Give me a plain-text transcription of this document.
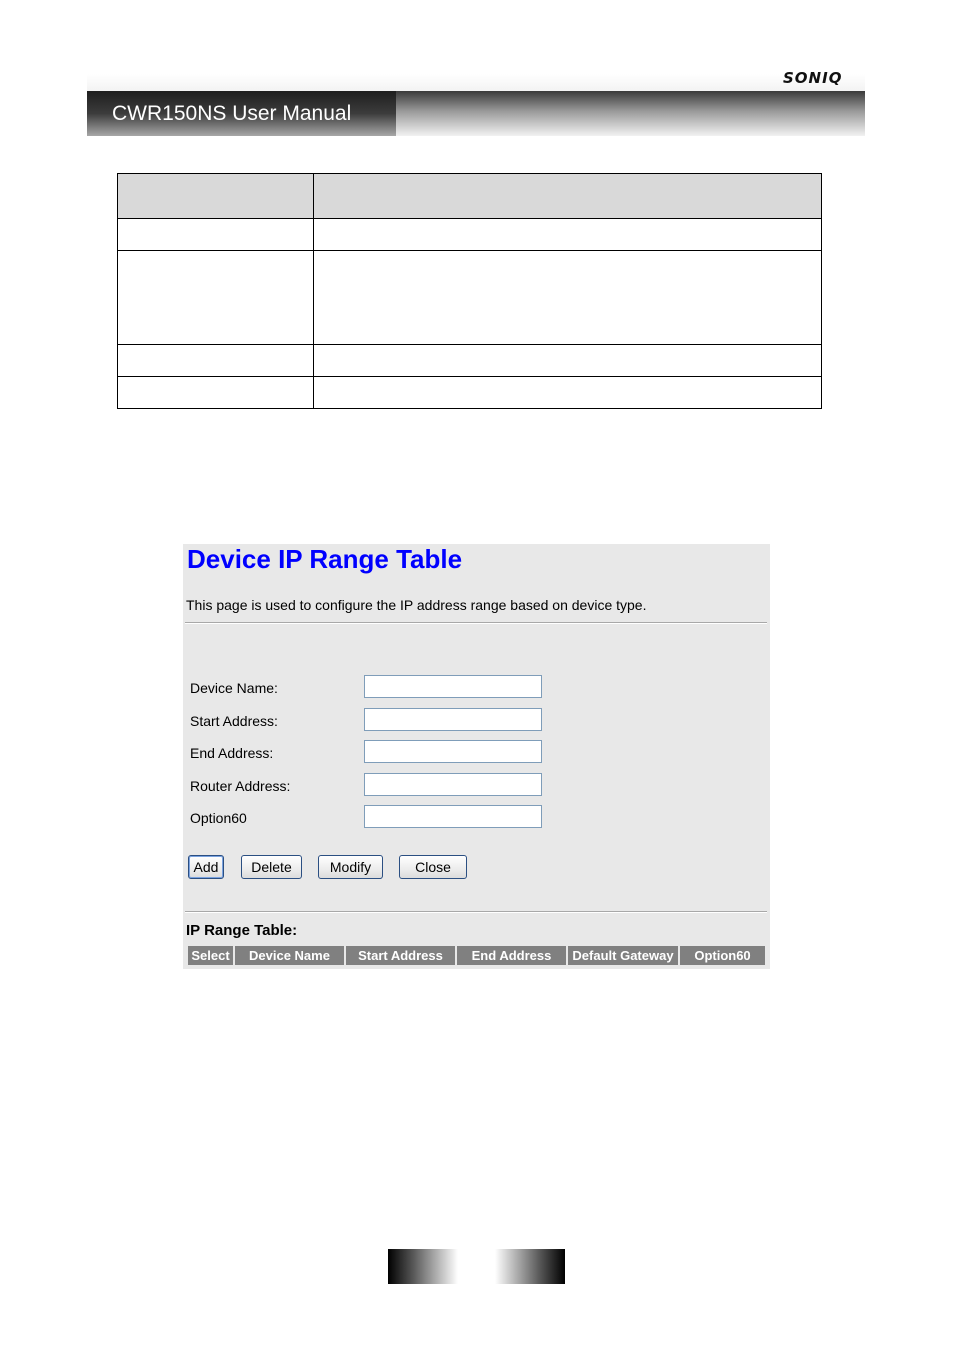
SONIQ
CWR150NS User Manual

Device IP Range Table
This page is used to configure the IP address range based on device type.
Device Name:
Start Address:
End Address:
Router Address:
Option60
Add	Delete	Modify	Close
IP Range Table:
Select	Device Name	Start Address	End Address	Default Gateway	Option60
